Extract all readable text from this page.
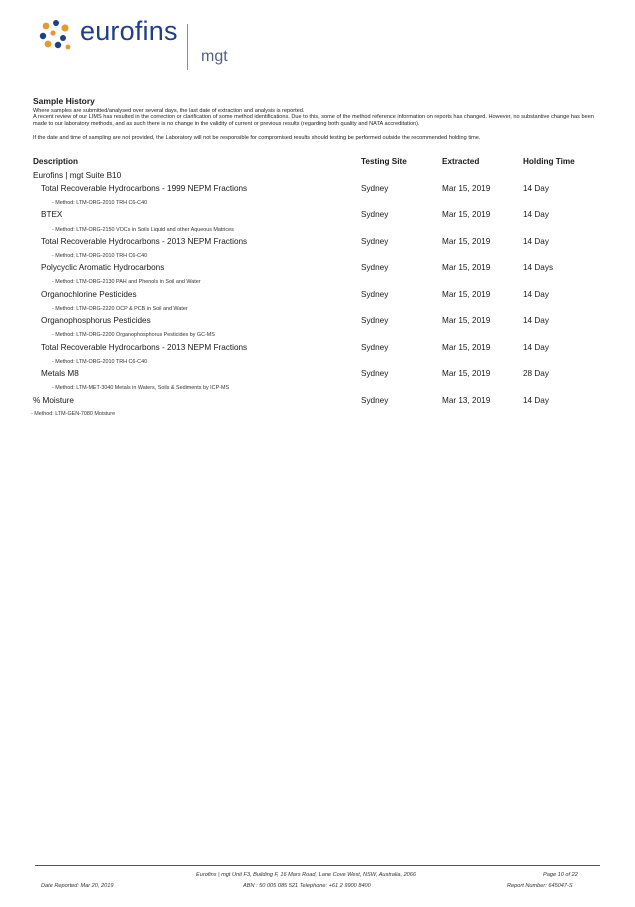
eurofins
mgt
Sample History
Where samples are submitted/analysed over several days, the last date of extraction and analysis is reported.
A recent review of our LIMS has resulted in the correction or clarification of some method identifications. Due to this, some of the method reference information on reports has changed. However, no substantive change has been made to our laboratory methods, and as such there is no change in the validity of current or previous results (regarding both quality and NATA accreditation).
If the date and time of sampling are not provided, the Laboratory will not be responsible for compromised results should testing be performed outside the recommended holding time.
Description	Testing Site	Extracted	Holding Time
Eurofins | mgt Suite B10
Total Recoverable Hydrocarbons - 1999 NEPM Fractions	Sydney	Mar 15, 2019	14 Day
- Method: LTM-ORG-2010 TRH C6-C40
BTEX	Sydney	Mar 15, 2019	14 Day
- Method: LTM-ORG-2150 VOCs in Soils Liquid and other Aqueous Matrices
Total Recoverable Hydrocarbons - 2013 NEPM Fractions	Sydney	Mar 15, 2019	14 Day
- Method: LTM-ORG-2010 TRH C6-C40
Polycyclic Aromatic Hydrocarbons	Sydney	Mar 15, 2019	14 Days
- Method: LTM-ORG-2130 PAH and Phenols in Soil and Water
Organochlorine Pesticides	Sydney	Mar 15, 2019	14 Day
- Method: LTM-ORG-2220 OCP & PCB in Soil and Water
Organophosphorus Pesticides	Sydney	Mar 15, 2019	14 Day
- Method: LTM-ORG-2200 Organophosphorus Pesticides by GC-MS
Total Recoverable Hydrocarbons - 2013 NEPM Fractions	Sydney	Mar 15, 2019	14 Day
- Method: LTM-ORG-2010 TRH C6-C40
Metals M8	Sydney	Mar 15, 2019	28 Day
- Method: LTM-MET-3040 Metals in Waters, Soils & Sediments by ICP-MS
% Moisture	Sydney	Mar 13, 2019	14 Day
- Method: LTM-GEN-7080 Moisture
Eurofins | mgt Unit F3, Building F, 16 Mars Road, Lane Cove West, NSW, Australia, 2066	Page 10 of 22
Date Reported: Mar 20, 2019	ABN : 50 005 085 521 Telephone: +61 2 9900 8400	Report Number: 645047-S
